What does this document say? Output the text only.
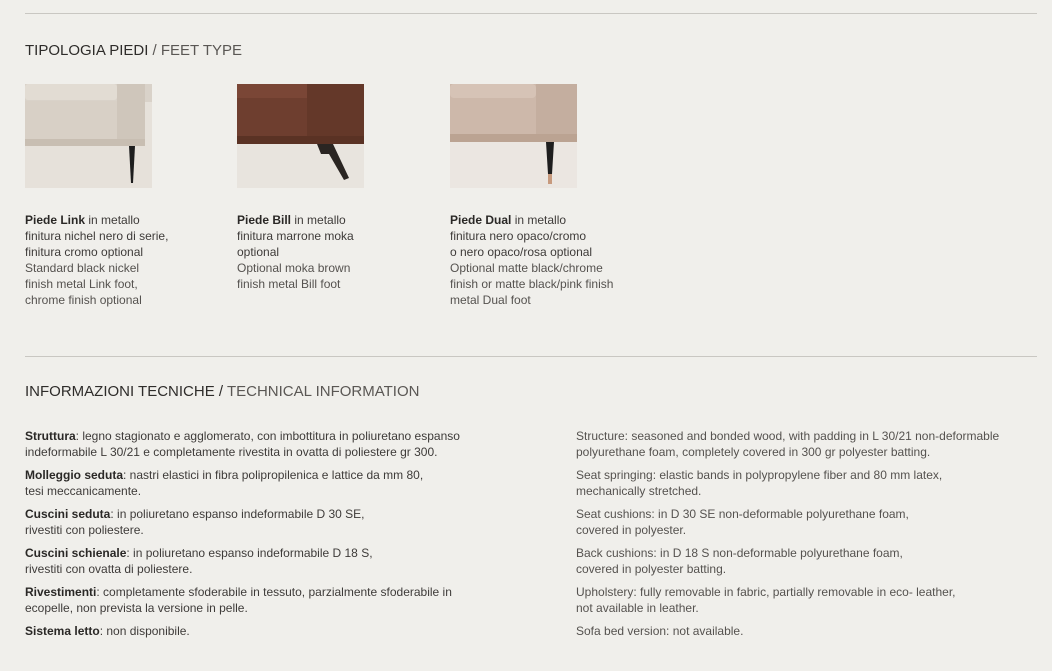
TIPOLOGIA PIEDI / FEET TYPE
Piede Link in metallo
finitura nichel nero di serie,
finitura cromo optional
Standard black nickel
finish metal Link foot,
chrome finish optional
Piede Bill in metallo
finitura marrone moka
optional
Optional moka brown
finish metal Bill foot
Piede Dual in metallo
finitura nero opaco/cromo
o nero opaco/rosa optional
Optional matte black/chrome
finish or matte black/pink finish
metal Dual foot
INFORMAZIONI TECNICHE / TECHNICAL INFORMATION
Struttura: legno stagionato e agglomerato, con imbottitura in poliuretano espanso
indeformabile L 30/21 e completamente rivestita in ovatta di poliestere gr 300.
Molleggio seduta: nastri elastici in fibra polipropilenica e lattice da mm 80,
tesi meccanicamente.
Cuscini seduta: in poliuretano espanso indeformabile D 30 SE,
rivestiti con poliestere.
Cuscini schienale: in poliuretano espanso indeformabile D 18 S,
rivestiti con ovatta di poliestere.
Rivestimenti: completamente sfoderabile in tessuto, parzialmente sfoderabile in
ecopelle, non prevista la versione in pelle.
Sistema letto: non disponibile.
Structure: seasoned and bonded wood, with padding in L 30/21 non-deformable
polyurethane foam, completely covered in 300 gr polyester batting.
Seat springing: elastic bands in polypropylene fiber and 80 mm latex,
mechanically stretched.
Seat cushions: in D 30 SE non-deformable polyurethane foam,
covered in polyester.
Back cushions: in D 18 S non-deformable polyurethane foam,
covered in polyester batting.
Upholstery: fully removable in fabric, partially removable in eco- leather,
not available in leather.
Sofa bed version: not available.
